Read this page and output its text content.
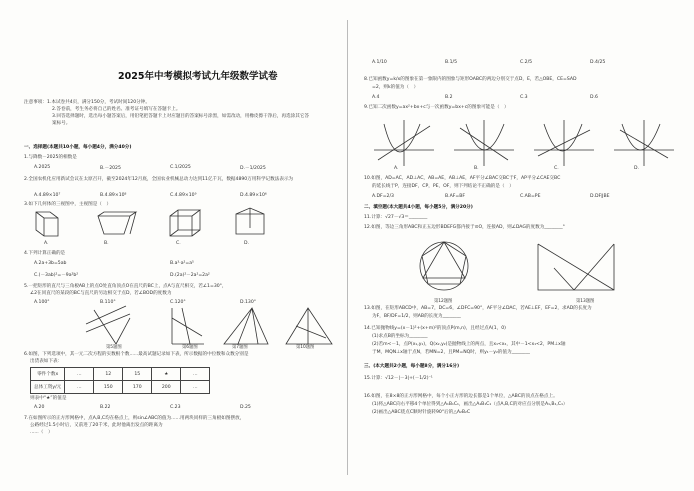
2025年中考模拟考试九年级数学试卷
注意事项：1.本试卷共4页，满分150分，考试时间120分钟。
2.答卷前，考生务必将自己的姓名、准考证号填写在答题卡上。
3.回答选择题时，选出每小题答案后，用铅笔把答题卡上对应题目的答案标号涂黑，如需改动，用橡皮擦干净后，再选涂其它答
案标号。
一、选择题(本题共10小题，每小题4分，满分40分)
1.与降数－2025的相数是
A.2025	B.－2025	C.1/2025	D.－1/2025
2.全国农机化应用新试会议在太原召开，截至2024年12月底，全国农业机械总动力达到11亿千瓦，数据4890万用科学记数法表示为
A.4.89×10⁷	B.4.89×10⁸	C.4.89×10⁹	D.4.89×10⁶
3.如下几何体的三视图中，主视图是（　）
A.	B.	C.	D.
4.下列计算正确的是
A.2a+3b=5ab	B.a³·a²=a⁵
C.(－3ab)²=－9a²b²	D.(2a)²－2a²=2a²
5.一把矩形的直尺与三角板AB上的点O处直角顶点O在直尺的BC上，点A与直尺相交，若∠1=30°，
∠2在同直尺的某段的BC与直尺的另边相交于点D，若∠BOD的度数为
A.100°	B.110°	C.120°	D.130°
第5题图	第6题图	第7题图	第10题图
6.如图，下列选项中，其一元二次方程的实数根个数......最高试题记录如下表，所示数据的中位数和众数分别是
出货表如下表：
零件个数x	…	12	15	★	…
总体工资y/元	…	150	170	200	…
则表中“★”的值是
A.20	B.22	C.23	D.25
7.在如图所示的正方形网格中，点A,B,C均在格点上，则sin∠ABC的值为......用两块同样的三角板如图摆放，
公路经过1.5小时后，又前进了20千米，此时他离出发点的距离为
......（　）
A.1/10	B.1/5	C.2/5	D.4/25
8.已知函数y=k/x的图象在第一象限内的图象与矩形OABC的两边分别交于点D，E，若△OBE，CE=SAD
=2，则k的值为（　）
A.4	B.2	C.3	D.6
9.已知二次函数y=ax²+bx+c与一次函数y=bx+c的图象可能是（　）
A.	B.	C.	D.
10.如图，AD=AC，AD⊥AC，AB=AE，AB⊥AE，AF平分∠BAC交BC于F，AP平分∠CAE交BC
的延长线于P，连接DF，CP，PE，OF，则下列结论不正确的是（　）
A.DF=2/3	B.AF=BF	C.AB=PE	D.DF∥BE
二、填空题(本大题共4小题，每小题5分，满分20分)
11.计算：√27－√3＝________
12.如图，等边三角形ABC和正五边形BDEFG都内接于⊙O，连接AD，则∠DAG的度数为________°
第12题图	第13题图
13.如图，在矩形ABCD中，AB=7，DC=6，∠DFC=90°，AF平分∠DAC，若AE⊥EF，EF=2，求AD的长度为
为F，BF/DF=1/2，则AB的长度为________
14.已知抛物线y=(x－1)²+(x+m)²的顶点P(m,n)，且经过点A(1，0)
(1)求点B的坐标为________
(2)若m<－1，点P(x₁,y₁)，Q(x₂,y₂)是抛物线上的两点，且x₁<x₂，其中－1<x₁<2，PM⊥x轴
于M，MQN⊥x轴于点N，若MN=2，且PM=NQ时，则y₁－y₂的值为________
三、(本大题共2小题，每小题8分，满分16分)
15.计算：√12－|－3|+(－1/2)⁻¹
16.如图，在8×8的正方形网格中，每个小正方形的边长都是1个单位，△ABC的顶点在格点上。
(1)将△ABC向右平移4个单位得到△A₁B₁C₁，画出△A₁B₁C₁（点A,B,C的对应点分别是A₁,B₁,C₁）
(2)画出△ABC绕点C顺时针旋转90°后的△A₂B₂C
